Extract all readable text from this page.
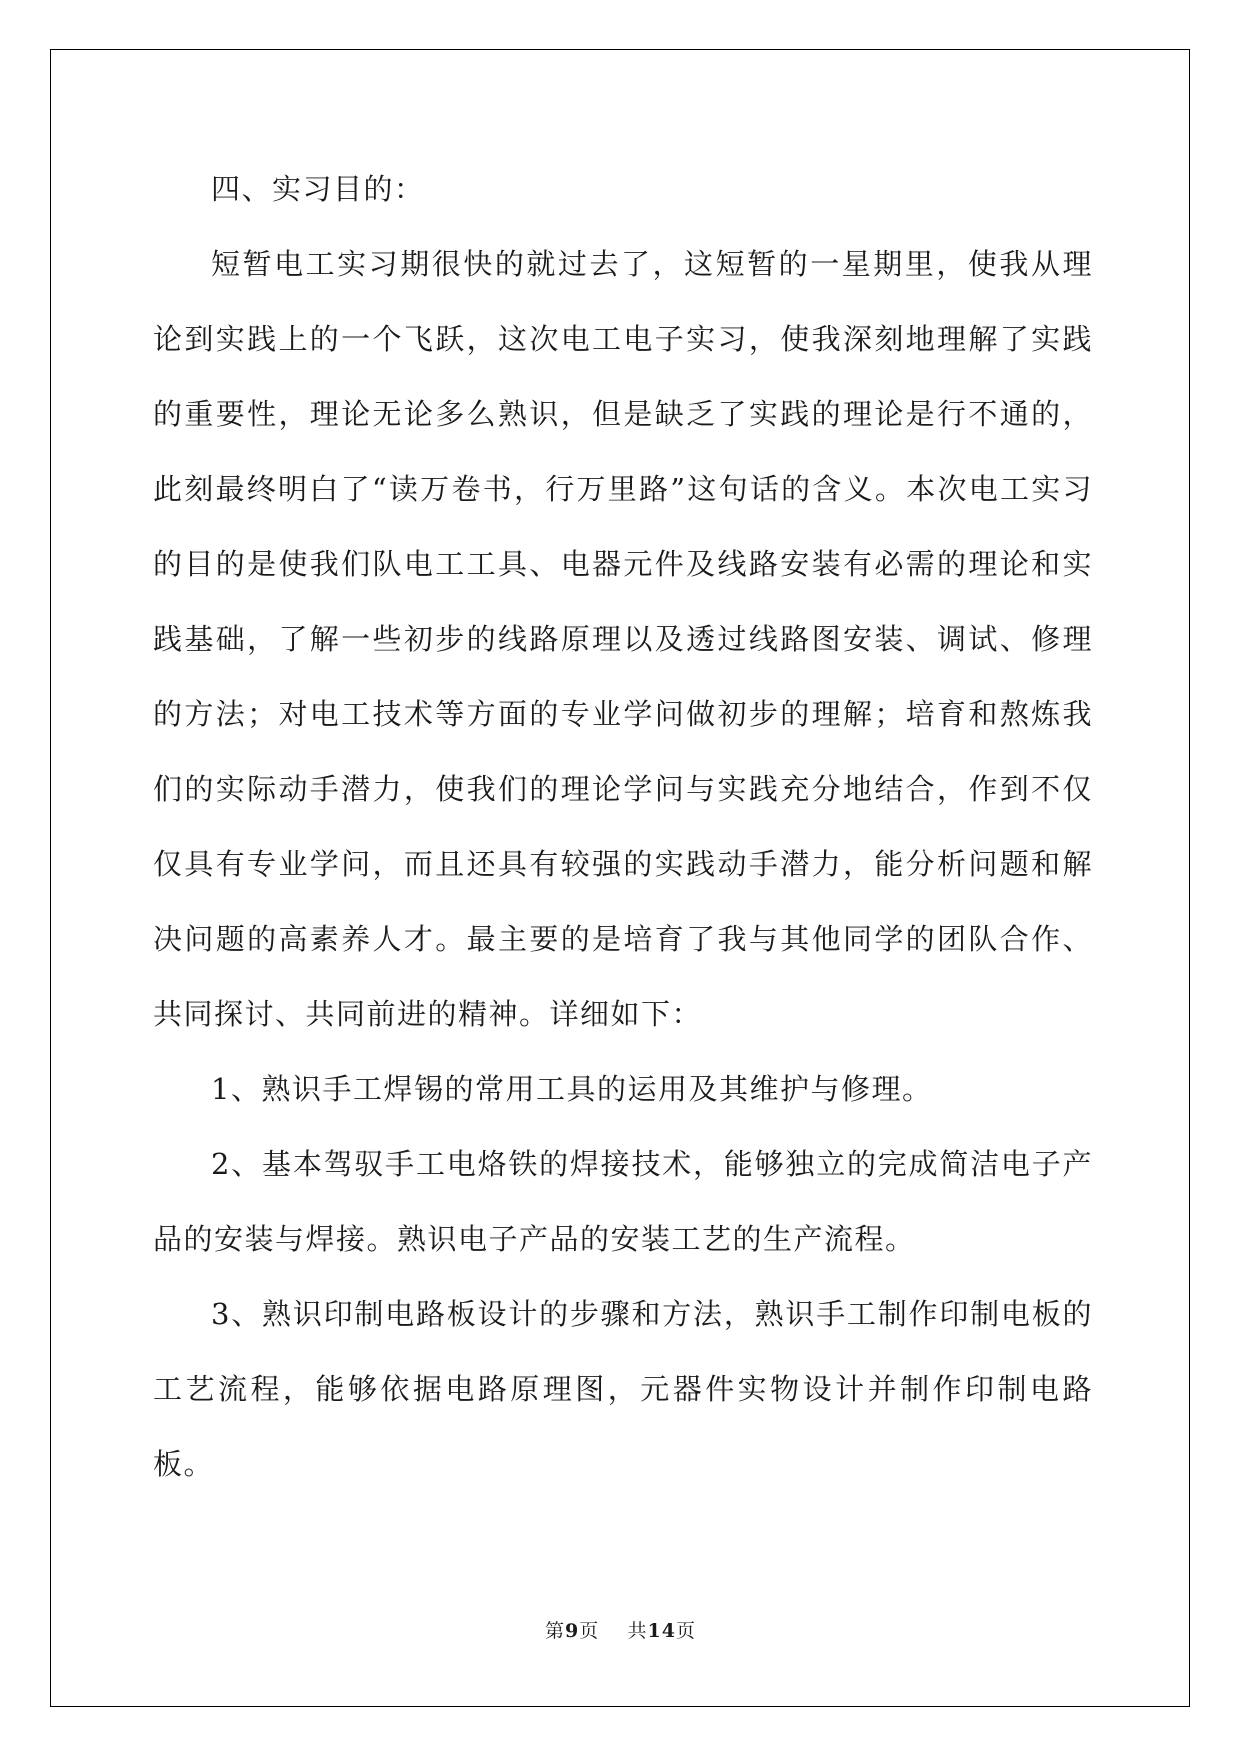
四、实习目的：

短暂电工实习期很快的就过去了，这短暂的一星期里，使我从理论到实践上的一个飞跃，这次电工电子实习，使我深刻地理解了实践的重要性，理论无论多么熟识，但是缺乏了实践的理论是行不通的，此刻最终明白了“读万卷书，行万里路”这句话的含义。本次电工实习的目的是使我们队电工工具、电器元件及线路安装有必需的理论和实践基础，了解一些初步的线路原理以及透过线路图安装、调试、修理的方法；对电工技术等方面的专业学问做初步的理解；培育和熬炼我们的实际动手潜力，使我们的理论学问与实践充分地结合，作到不仅仅具有专业学问，而且还具有较强的实践动手潜力，能分析问题和解决问题的高素养人才。最主要的是培育了我与其他同学的团队合作、共同探讨、共同前进的精神。详细如下：

1、熟识手工焊锡的常用工具的运用及其维护与修理。

2、基本驾驭手工电烙铁的焊接技术，能够独立的完成简洁电子产品的安装与焊接。熟识电子产品的安装工艺的生产流程。

3、熟识印制电路板设计的步骤和方法，熟识手工制作印制电板的工艺流程，能够依据电路原理图，元器件实物设计并制作印制电路板。

第9页 共14页
